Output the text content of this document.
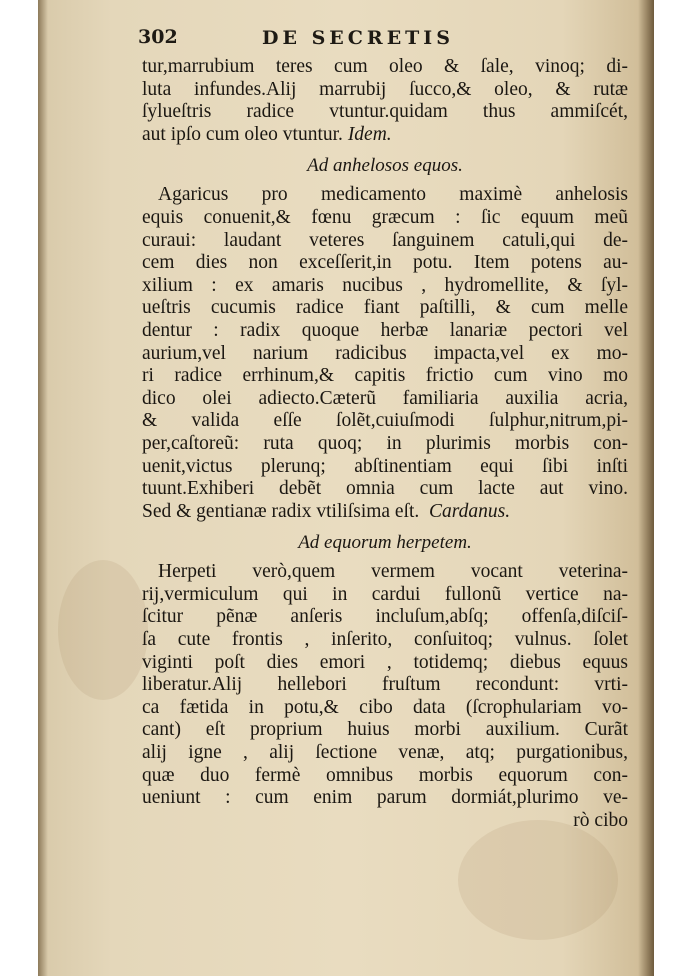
302	DE SECRETIS
tur,marrubium teres cum oleo & ſale, vinoq; di-
luta infundes.Alij marrubij ſucco,& oleo, & rutæ
ſylueſtris radice vtuntur.quidam thus ammiſcét,
aut ipſo cum oleo vtuntur. Idem.
Ad anhelosos equos.
Agaricus pro medicamento maximè anhelosis
equis conuenit,& fœnu græcum : ſic equum meũ
curaui: laudant veteres ſanguinem catuli,qui de-
cem dies non exceſſerit,in potu. Item potens au-
xilium : ex amaris nucibus , hydromellite, & ſyl-
ueſtris cucumis radice fiant paſtilli, & cum melle
dentur : radix quoque herbæ lanariæ pectori vel
aurium,vel narium radicibus impacta,vel ex mo-
ri radice errhinum,& capitis frictio cum vino mo
dico olei adiecto.Cæterũ familiaria auxilia acria,
& valida eſſe ſolẽt,cuiuſmodi ſulphur,nitrum,pi-
per,caſtoreũ: ruta quoq; in plurimis morbis con-
uenit,victus plerunq; abſtinentiam equi ſibi inſti
tuunt.Exhiberi debẽt omnia cum lacte aut vino.
Sed & gentianæ radix vtiliſsima eſt. Cardanus.
Ad equorum herpetem.
Herpeti verò,quem vermem vocant veterina-
rij,vermiculum qui in cardui fullonũ vertice na-
ſcitur pẽnæ anſeris incluſum,abſq; offenſa,diſciſ-
ſa cute frontis , inſerito, conſuitoq; vulnus. ſolet
viginti poſt dies emori , totidemq; diebus equus
liberatur.Alij hellebori fruſtum recondunt: vrti-
ca fætida in potu,& cibo data (ſcrophulariam vo-
cant) eſt proprium huius morbi auxilium. Curãt
alij igne , alij ſectione venæ, atq; purgationibus,
quæ duo fermè omnibus morbis equorum con-
ueniunt : cum enim parum dormiát,plurimo ve-
rò cibo
